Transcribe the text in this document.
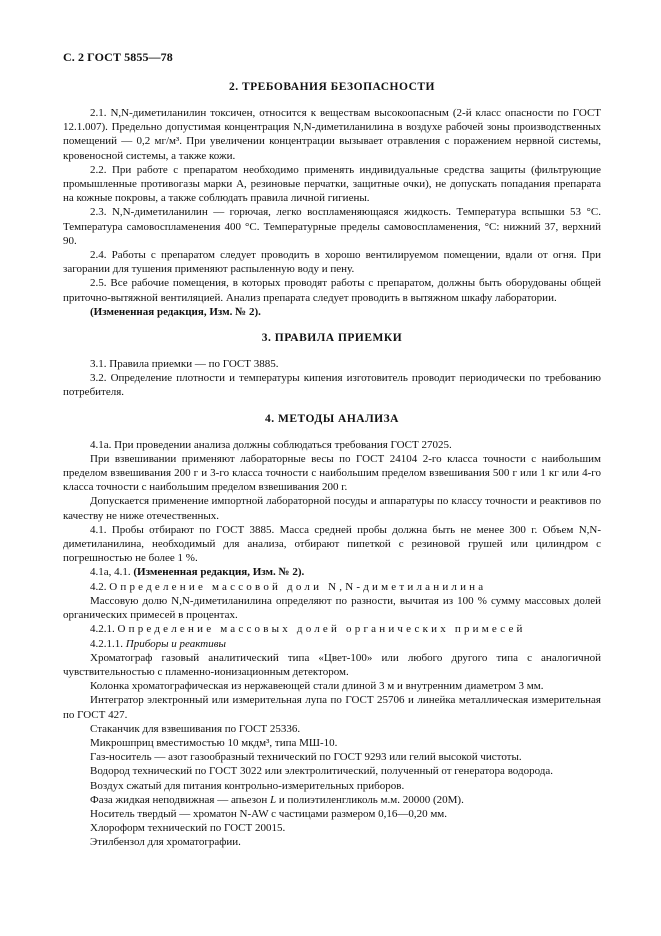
С. 2 ГОСТ 5855—78
2. ТРЕБОВАНИЯ БЕЗОПАСНОСТИ

2.1. N,N-диметиланилин токсичен, относится к веществам высокоопасным (2-й класс опасности по ГОСТ 12.1.007). Предельно допустимая концентрация N,N-диметиланилина в воздухе рабочей зоны производственных помещений — 0,2 мг/м³. При увеличении концентрации вызывает отравления с поражением нервной системы, кровеносной системы, а также кожи.

2.2. При работе с препаратом необходимо применять индивидуальные средства защиты (фильтрующие промышленные противогазы марки А, резиновые перчатки, защитные очки), не допускать попадания препарата на кожные покровы, а также соблюдать правила личной гигиены.

2.3. N,N-диметиланилин — горючая, легко воспламеняющаяся жидкость. Температура вспышки 53 °С. Температура самовоспламенения 400 °С. Температурные пределы самовоспламенения, °С: нижний 37, верхний 90.

2.4. Работы с препаратом следует проводить в хорошо вентилируемом помещении, вдали от огня. При загорании для тушения применяют распыленную воду и пену.

2.5. Все рабочие помещения, в которых проводят работы с препаратом, должны быть оборудованы общей приточно-вытяжной вентиляцией. Анализ препарата следует проводить в вытяжном шкафу лаборатории.

(Измененная редакция, Изм. № 2).

3. ПРАВИЛА ПРИЕМКИ

3.1. Правила приемки — по ГОСТ 3885.

3.2. Определение плотности и температуры кипения изготовитель проводит периодически по требованию потребителя.

4. МЕТОДЫ АНАЛИЗА

4.1а. При проведении анализа должны соблюдаться требования ГОСТ 27025.

При взвешивании применяют лабораторные весы по ГОСТ 24104 2-го класса точности с наибольшим пределом взвешивания 200 г и 3-го класса точности с наибольшим пределом взвешивания 500 г или 1 кг или 4-го класса точности с наибольшим пределом взвешивания 200 г.

Допускается применение импортной лабораторной посуды и аппаратуры по классу точности и реактивов по качеству не ниже отечественных.

4.1. Пробы отбирают по ГОСТ 3885. Масса средней пробы должна быть не менее 300 г. Объем N,N-диметиланилина, необходимый для анализа, отбирают пипеткой с резиновой грушей или цилиндром с погрешностью не более 1 %.

4.1а, 4.1. (Измененная редакция, Изм. № 2).

4.2. Определение массовой доли N,N-диметиланилина

Массовую долю N,N-диметиланилина определяют по разности, вычитая из 100 % сумму массовых долей органических примесей в процентах.

4.2.1. Определение массовых долей органических примесей

4.2.1.1. Приборы и реактивы

Хроматограф газовый аналитический типа «Цвет-100» или любого другого типа с аналогичной чувствительностью с пламенно-ионизационным детектором.

Колонка хроматографическая из нержавеющей стали длиной 3 м и внутренним диаметром 3 мм.

Интегратор электронный или измерительная лупа по ГОСТ 25706 и линейка металлическая измерительная по ГОСТ 427.

Стаканчик для взвешивания по ГОСТ 25336.

Микрошприц вместимостью 10 мкдм³, типа МШ-10.

Газ-носитель — азот газообразный технический по ГОСТ 9293 или гелий высокой чистоты.

Водород технический по ГОСТ 3022 или электролитический, полученный от генератора водорода.

Воздух сжатый для питания контрольно-измерительных приборов.

Фаза жидкая неподвижная — апьезон L и полиэтиленгликоль м.м. 20000 (20М).

Носитель твердый — хроматон N-AW с частицами размером 0,16—0,20 мм.

Хлороформ технический по ГОСТ 20015.

Этилбензол для хроматографии.
